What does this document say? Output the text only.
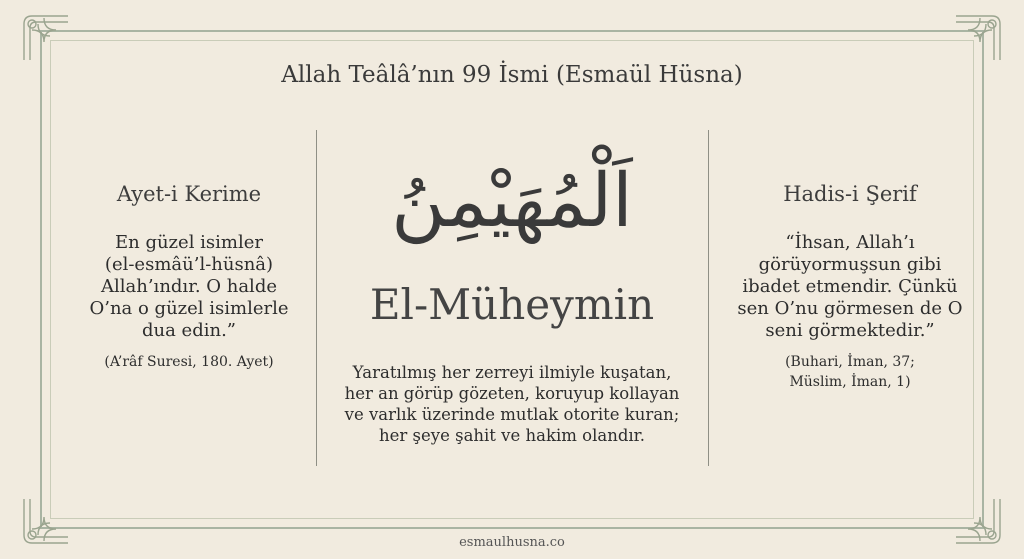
Allah Teâlâ’nın 99 İsmi (Esmaül Hüsna)
Ayet-i Kerime
En güzel isimler
(el-esmâü’l-hüsnâ)
Allah’ındır. O halde
O’na o güzel isimlerle
dua edin.”
(A’râf Suresi, 180. Ayet)
اَلْمُهَيْمِنُ
El-Müheymin
Yaratılmış her zerreyi ilmiyle kuşatan,
her an görüp gözeten, koruyup kollayan
ve varlık üzerinde mutlak otorite kuran;
her şeye şahit ve hakim olandır.
Hadis-i Şerif
“İhsan, Allah’ı
görüyormuşsun gibi
ibadet etmendir. Çünkü
sen O’nu görmesen de O
seni görmektedir.”
(Buhari, İman, 37;
Müslim, İman, 1)
esmaulhusna.co
